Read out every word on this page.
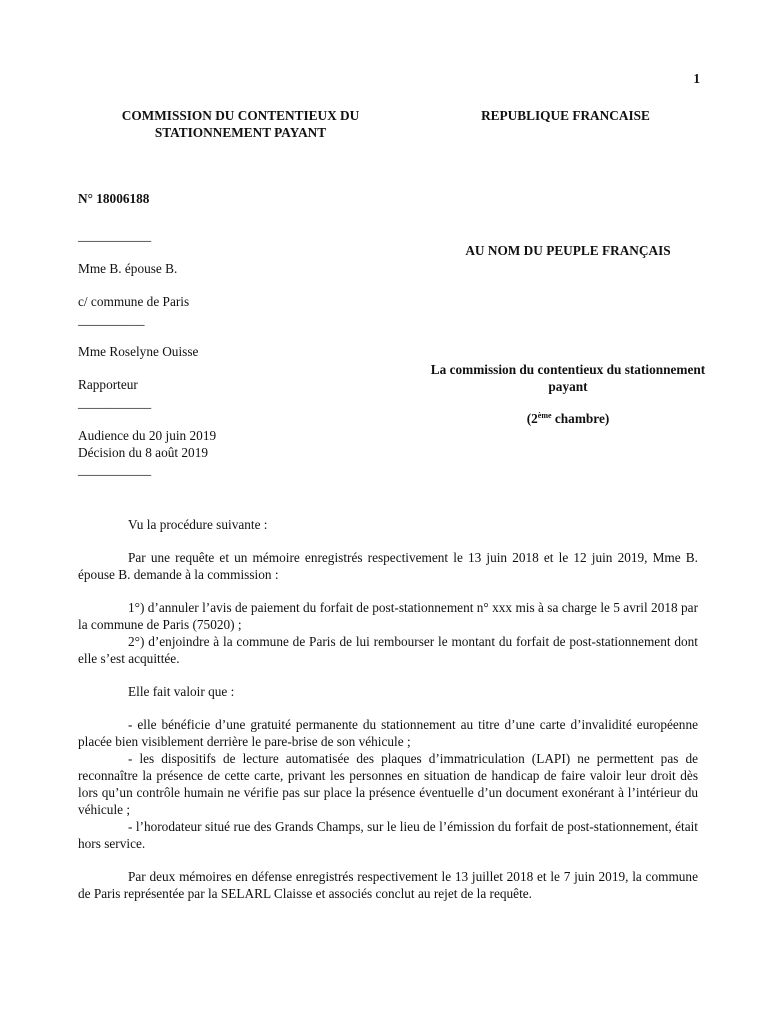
1
COMMISSION DU CONTENTIEUX DU
STATIONNEMENT PAYANT
REPUBLIQUE FRANCAISE
N° 18006188
___________
Mme B. épouse B.
c/ commune de Paris
__________
Mme Roselyne Ouisse
Rapporteur
___________
Audience du 20 juin 2019
Décision du 8 août 2019
___________
AU NOM DU PEUPLE FRANÇAIS
La commission du contentieux du stationnement
payant
(2ème chambre)

Vu la procédure suivante :

Par une requête et un mémoire enregistrés respectivement le 13 juin 2018 et le 12 juin 2019, Mme B. épouse B. demande à la commission :

1°) d’annuler l’avis de paiement du forfait de post-stationnement n° xxx mis à sa charge le 5 avril 2018 par la commune de Paris (75020) ;

2°) d’enjoindre à la commune de Paris de lui rembourser le montant du forfait de post-stationnement dont elle s’est acquittée.

Elle fait valoir que :

- elle bénéficie d’une gratuité permanente du stationnement au titre d’une carte d’invalidité européenne placée bien visiblement derrière le pare-brise de son véhicule ;

- les dispositifs de lecture automatisée des plaques d’immatriculation (LAPI) ne permettent pas de reconnaître la présence de cette carte, privant les personnes en situation de handicap de faire valoir leur droit dès lors qu’un contrôle humain ne vérifie pas sur place la présence éventuelle d’un document exonérant à l’intérieur du véhicule ;

- l’horodateur situé rue des Grands Champs, sur le lieu de l’émission du forfait de post-stationnement, était hors service.

Par deux mémoires en défense enregistrés respectivement le 13 juillet 2018 et le 7 juin 2019, la commune de Paris représentée par la SELARL Claisse et associés conclut au rejet de la requête.
